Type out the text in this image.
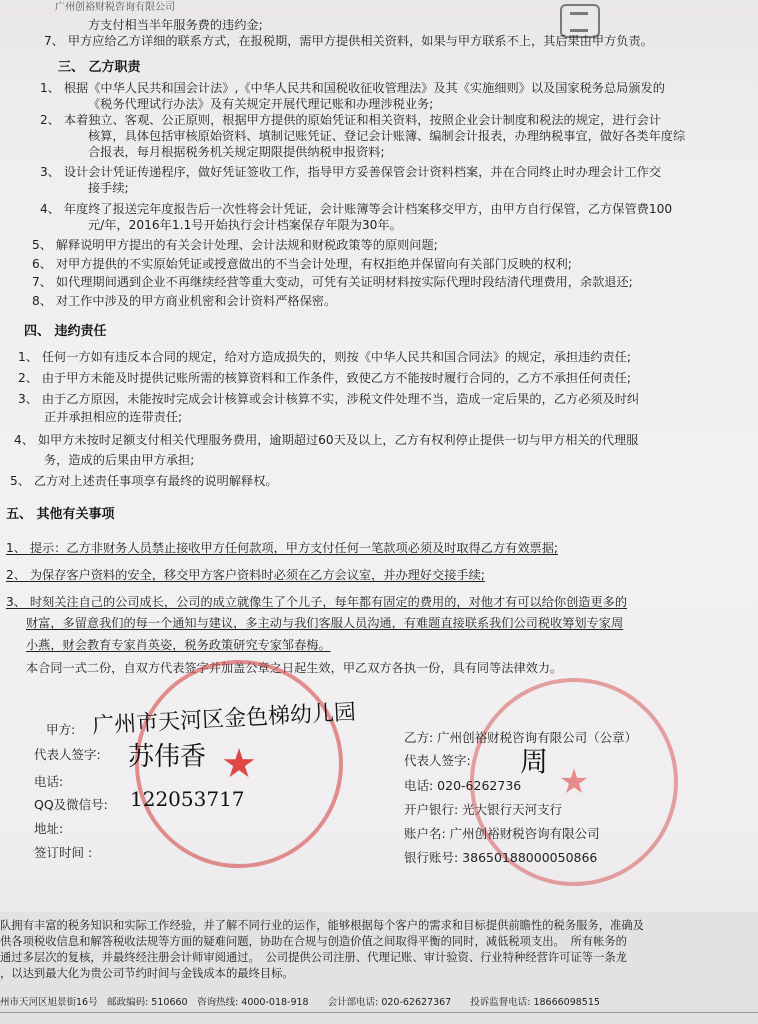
广州创裕财税咨询有限公司
方支付相当半年服务费的违约金;
7、 甲方应给乙方详细的联系方式，在报税期，需甲方提供相关资料，如果与甲方联系不上，其后果由甲方负责。
三、 乙方职责
1、 根据《中华人民共和国会计法》,《中华人民共和国税收征收管理法》及其《实施细则》以及国家税务总局颁发的
《税务代理试行办法》及有关规定开展代理记账和办理涉税业务;
2、 本着独立、客观、公正原则，根据甲方提供的原始凭证和相关资料，按照企业会计制度和税法的规定，进行会计
核算，具体包括审核原始资料、填制记账凭证、登记会计账簿、编制会计报表，办理纳税事宜，做好各类年度综
合报表，每月根据税务机关规定期限提供纳税申报资料;
3、 设计会计凭证传递程序，做好凭证签收工作，指导甲方妥善保管会计资料档案，并在合同终止时办理会计工作交
接手续;
4、 年度终了报送完年度报告后一次性将会计凭证，会计账簿等会计档案移交甲方，由甲方自行保管，乙方保管费100
元/年，2016年1.1号开始执行会计档案保存年限为30年。
5、 解释说明甲方提出的有关会计处理、会计法规和财税政策等的原则问题;
6、 对甲方提供的不实原始凭证或授意做出的不当会计处理，有权拒绝并保留向有关部门反映的权利;
7、 如代理期间遇到企业不再继续经营等重大变动，可凭有关证明材料按实际代理时段结清代理费用，余款退还;
8、 对工作中涉及的甲方商业机密和会计资料严格保密。
四、 违约责任
1、 任何一方如有违反本合同的规定，给对方造成损失的，则按《中华人民共和国合同法》的规定，承担违约责任;
2、 由于甲方未能及时提供记账所需的核算资料和工作条件，致使乙方不能按时履行合同的，乙方不承担任何责任;
3、 由于乙方原因，未能按时完成会计核算或会计核算不实，涉税文件处理不当，造成一定后果的，乙方必须及时纠
正并承担相应的连带责任;
4、 如甲方未按时足额支付相关代理服务费用，逾期超过60天及以上，乙方有权利停止提供一切与甲方相关的代理服
务，造成的后果由甲方承担;
5、 乙方对上述责任事项享有最终的说明解释权。
五、 其他有关事项
1、 提示：乙方非财务人员禁止接收甲方任何款项，甲方支付任何一笔款项必须及时取得乙方有效票据;
2、 为保存客户资料的安全，移交甲方客户资料时必须在乙方会议室，并办理好交接手续;
3、 时刻关注自己的公司成长，公司的成立就像生了个儿子，每年都有固定的费用的，对他才有可以给你创造更多的
财富，多留意我们的每一个通知与建议，多主动与我们客服人员沟通，有难题直接联系我们公司税收筹划专家周
小燕，财会教育专家肖英姿，税务政策研究专家邹春梅。
本合同一式二份，自双方代表签字并加盖公章之日起生效，甲乙双方各执一份，具有同等法律效力。
★	★
甲方: 广州市天河区金色梯幼儿园
代表人签字: 苏伟香
电话:
QQ及微信号: 122053717
地址:
签订时间 :
乙方: 广州创裕财税咨询有限公司（公章）
代表人签字: 周
电话: 020-6262736
开户银行: 光大银行天河支行
账户名: 广州创裕财税咨询有限公司
银行账号: 38650188000050866
队拥有丰富的税务知识和实际工作经验，并了解不同行业的运作，能够根据每个客户的需求和目标提供前瞻性的税务服务，准确及
供各项税收信息和解答税收法规等方面的疑难问题，协助在合规与创造价值之间取得平衡的同时，减低税项支出。　所有帐务的
通过多层次的复核，并最终经注册会计师审阅通过。　公司提供公司注册、代理记账、审计验资、行业特种经营许可证等一条龙
，以达到最大化为贵公司节约时间与金钱成本的最终目标。
州市天河区旭景街16号　邮政编码: 510660　咨询热线: 4000-018-918　　会计部电话: 020-62627367　　投诉监督电话: 18666098515
